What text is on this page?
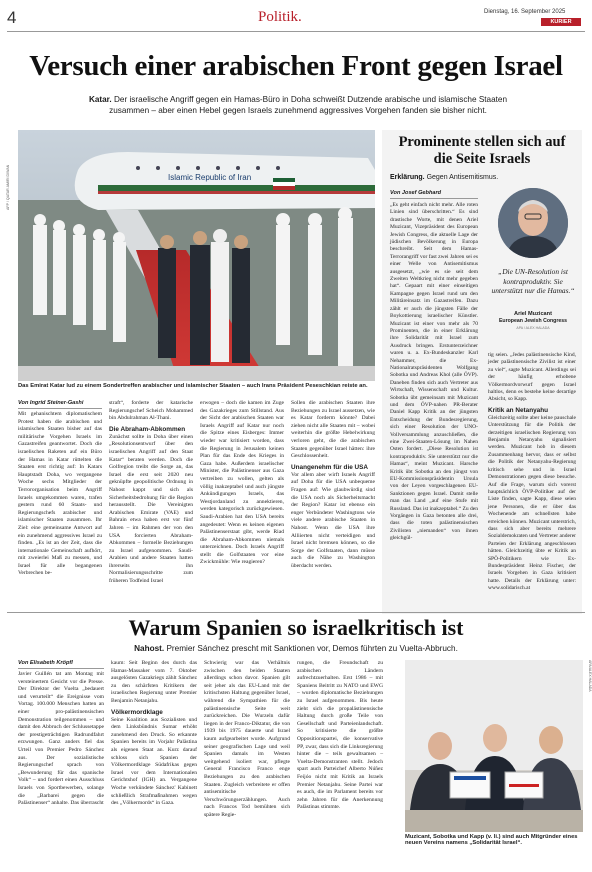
4	Politik.	Dienstag, 16. September 2025
KURIER
Versuch einer arabischen Front gegen Israel
Katar. Der israelische Angriff gegen ein Hamas-Büro in Doha schweißt Dutzende arabische und islamische Staaten zusammen – aber einen Hebel gegen Israels zunehmend aggressives Vorgehen fanden sie bisher nicht.
Islamic Republic of Iran
AFP / QATAR AMIRI DIWAN
Das Emirat Katar lud zu einem Sondertreffen arabischer und islamischer Staaten – auch Irans Präsident Peseschkian reiste an.
Von Ingrid Steiner-Gashi
Mit gehanischtem diplomatischem Protest haben die arabischen und islamischen Staaten bisher auf das militärische Vorgehen Israels im Gazastreifen geantwortet. Doch die israelischen Raketen auf ein Büro der Hamas in Katar rüttelten die Staaten erst richtig auf: In Katars Hauptstadt Doha, wo vergangene Woche sechs Mitglieder der Terrororganisation beim Angriff Israels umgekommen waren, trafen gestern rund 60 Staats- und Regierungschefs arabischer und islamischer Staaten zusammen. Ihr Ziel: eine gemeinsame Antwort auf ein zunehmend aggressives Israel zu finden. „Es ist an der Zeit, dass die internationale Gemeinschaft aufhört, mit zweierlei Maß zu messen, und Israel für alle begangenen Verbrechen be-
straft“, forderte der katarische Regierungschef Scheich Mohammed bin Abdulrahman Al-Thani.
Die Abraham-Abkommen
Zunächst sollte in Doha über einen „Resolutionsentwurf über den israelischen Angriff auf den Staat Katar“ beraten werden. Doch die Golfregion treibt die Sorge an, das Israel die erst seit 2020 neu geknüpfte geopolitische Ordnung in Nahost kappt und sich als Sicherheitsbedrohung für die Region herausstellt. Die Vereinigten Arabischen Emirate (VAE) und Bahrain etwa haben erst vor fünf Jahren – im Rahmen der von den USA forcierten Abraham-Abkommen – formelle Beziehungen zu Israel aufgenommen. Saudi-Arabien und andere Staaten hatten ihrerseits ihn Normalisierungsschritte zum früheren Todfeind Israel
erwogen – doch die kamen im Zuge des Gazakrieges zum Stillstand. Aus der Sicht der arabischen Staaten war Israels Angriff auf Katar nur noch die Spitze eines Eisberges: Immer wieder war kritisiert worden, dass die Regierung in Jerusalem keinen Plan für das Ende des Krieges in Gaza habe. Außerdem israelischer Minister, die Palästinenser aus Gaza vertreiben zu wollen, gelten als völlig inakzeptabel und auch jüngste Ankündigungen Israels, das Westjordanland zu annektieren, werden kategorisch zurückgewiesen. Saudi-Arabien hat den USA bereits angedeutet: Wenn es keinen eigenen Palästinenserstaat gibt, werde Riad die Abraham-Abkommen niemals unterzeichnen. Doch Israels Angriff stellt die Golfstaaten vor eine Zwickmühle: Wie reagieren?
Sollen die arabischen Staaten ihre Beziehungen zu Israel aussetzen, wie es Katar forderm könnte? Dabei ziehen nicht alle Staaten mit – wobei weiterhin die größte Hebelwirkung verloren geht, die die arabischen Staaten gegenüber Israel hätten: ihre Geschlossenheit.
Unangenehm für die USA
Vor allem aber wirft Israels Angriff auf Doha für die USA unbequeme Fragen auf: Wie glaubwürdig sind die USA noch als Sicherheitsmacht der Region? Katar ist ebenso ein enger Verbündeter Washingtons wie viele andere arabische Staaten in Nahost. Wenn die USA ihre Alliierten nicht verteidigen und Israel nicht bremsen können, so die Sorge der Golfstaaten, dann müsse auch die Nähe zu Washington überdacht werden.
Prominente stellen sich auf die Seite Israels
Erklärung. Gegen Antisemitismus.
Von Josef Gebhard
„Die UN-Resolution ist kontraproduktiv. Sie unterstützt nur die Hamas.“
Ariel Muzicant
European Jewish Congress
APA / ALEX HALADA
„Es geht einfach nicht mehr. Alle roten Linien sind überschritten.“ Es sind drastische Worte, mit denen Ariel Muzicant, Vizepräsident des European Jewish Congress, die aktuelle Lage der jüdischen Bevölkerung in Europa beschreibt. Seit dem Hamas-Terrorangriff vor fast zwei Jahren sei es einer Welle von Antisemitismus ausgesetzt, „wie es sie seit dem Zweiten Weltkrieg nicht mehr gegeben hat“. Gepaart mit einer einseitigen Kampagne gegen Israel rund um den Militäreinsatz im Gazastreifen. Dazu zählt er auch die jüngsten Fälle der Boykottierung israelischer Künstler. Muzicant ist einer von mehr als 70 Prominenten, die in einer Erklärung ihre Solidarität mit Israel zum Ausdruck bringen. Erstunterzeichner waren u. a. Ex-Bundeskanzler Karl Nehammer, die Ex-Nationalratspräsidenten Wolfgang Sobotka und Andreas Khol (alle ÖVP). Daneben finden sich auch Vertreter aus Wirtschaft, Wissenschaft und Kultur. Sobotka übt gemeinsam mit Muzicant und dem ÖVP-nahen PR-Berater Daniel Kapp Kritik an der jüngsten Entscheidung der Bundesregierung, sich einer Resolution der UNO-Vollversammlung anzuschließen, die eine Zwei-Staaten-Lösung im Nahen Osten fordert. „Diese Resolution ist kontraproduktiv. Sie unterstützt nur die Hamas“, meint Muzicant. Harsche Kritik übt Sobotka an den jüngst von EU-Kommissionspräsidentin Ursula von der Leyen vorgeschlagenen EU-Sanktionen gegen Israel. Damit stelle man das Land „auf eine Stufe mit Russland. Das ist inakzeptabel.“ Zu den Vorgängen in Gaza betonten alle drei, dass die toten palästinensischen Zivilisten „niemanden“ von ihnen gleichgül-
tig seien. „Jedes palästinensische Kind, jeder palästinensische Zivilist ist einer zu viel“, sagte Muzicant. Allerdings sei der häufig erhobene Völkermordvorwurf gegen Israel haltlos, denn es bestehe keine derartige Absicht, so Kapp.
Kritik an Netanyahu
Gleichzeitig sollte aber keine pauschale Unterstützung für die Politik der derzeitigen israelischen Regierung von Benjamin Netanyahu signalisiert werden. Muzicant hob in diesem Zusammenhang hervor, dass er selbst die Politik der Netanyahu-Regierung kritisch sehe und in Israel Demonstrationen gegen diese besuche. Auf die Frage, warum sich vorerst hauptsächlich ÖVP-Politiker auf der Liste finden, sagte Kapp, diese seien jene Personen, die er über das Wochenende am schnellsten habe erreichen können. Muzicant unterstrich, dass sich aber bereits mehrere Sozialdemokraten und Vertreter anderer Parteien der Erklärung angeschlossen hätten. Gleichzeitig übte er Kritik an SPÖ-Politikern wie Ex-Bundespräsident Heinz Fischer, der Israels Vorgehen in Gaza kritisiert hatte. Details der Erklärung unter: www.solidarisch.at
Warum Spanien so israelkritisch ist
Nahost. Premier Sánchez prescht mit Sanktionen vor, Demos führten zu Vuelta-Abbruch.
Von Elisabeth Kröpfl
Javier Guillén tat am Montag mit versteinertem Gesicht vor die Presse. Der Direktor der Vuelta „bedauert und verurteilt“ die Ereignisse vom Vortag. 100.000 Menschen hatten an einer pro-palästinensischen Demonstration teilgenommen – und damit den Abbruch der Schlussetappe der prestigeträchtigen Radrundfahrt erzwungen. Ganz anders fiel das Urteil von Premier Pedro Sánchez aus. Der sozialistische Regierungschef sprach von „Bewunderung für das spanische Volk“ – und fordert einen Ausschluss Israels von Sportbewerben, solange die „Barbarei gegen die Palästinenser“ anhalte. Das überrascht
kaum: Seit Beginn des durch das Hamas-Massaker vom 7. Oktober ausgelösten Gazakriegs zählt Sánchez zu den schärfsten Kritikern der israelischen Regierung unter Premier Benjamin Netanjahu.
Völkermordklage
Seine Koalition aus Sozialisten und dem Linksbündnis Sumar erhöht zunehmend den Druck. So erkannte Spanien bereits im Vorjahr Palästina als eigenen Staat an. Kurz darauf schloss sich Spanien der Völkermordklage Südafrikas gegen Israel vor dem Internationalen Gerichtshof (IGH) an. Vergangene Woche verkündete Sánchez' Kabinett schließlich Strafmaßnahmen wegen des „Völkermords“ in Gaza.
Schwierig war das Verhältnis zwischen den beiden Staaten allerdings schon davor. Spanien gilt seit jeher als das EU-Land mit der kritischsten Haltung gegenüber Israel, während die Sympathien für die palästinensische Seite weit zurückreichen. Die Wurzeln dafür liegen in der Franco-Diktatur, die von 1939 bis 1975 dauerte und Israel kaum aufgearbeitet wurde. Aufgrund seiner geografischen Lage und weil Spanien damals im Westen weitgehend isoliert war, pflegte General Francisco Franco enge Beziehungen zu den arabischen Staaten. Zugleich verbreitete er offen antisemitische Verschwörungserzählungen. Auch nach Francos Tod bemühten sich spätere Regie-
rungen, die Freundschaft zu arabischen Ländern aufrechtzuerhalten. Erst 1986 – mit Spaniens Beitritt zu NATO und EWG – wurden diplomatische Beziehungen zu Israel aufgenommen. Bis heute zieht sich die propalästinensische Haltung durch große Teile von Gesellschaft und Parteienlandschaft. So kritisierte die größte Oppositionspartei, die konservative PP, zwar, dass sich die Linksregierung hinter die – teils gewaltsamen – Vuelta-Demonstranten stellt. Jedoch spart auch Parteichef Alberto Núñez Feijóo nicht mit Kritik an Israels Premier Netanjahu. Seine Partei war es auch, die im Parlament bereits vor zehn Jahren für die Anerkennung Palästinas stimmte.
APA/ALEX HALADA
Muzicant, Sobotka und Kapp (v. li.) sind auch Mitgründer eines neuen Vereins namens „Solidarität Israel“.
